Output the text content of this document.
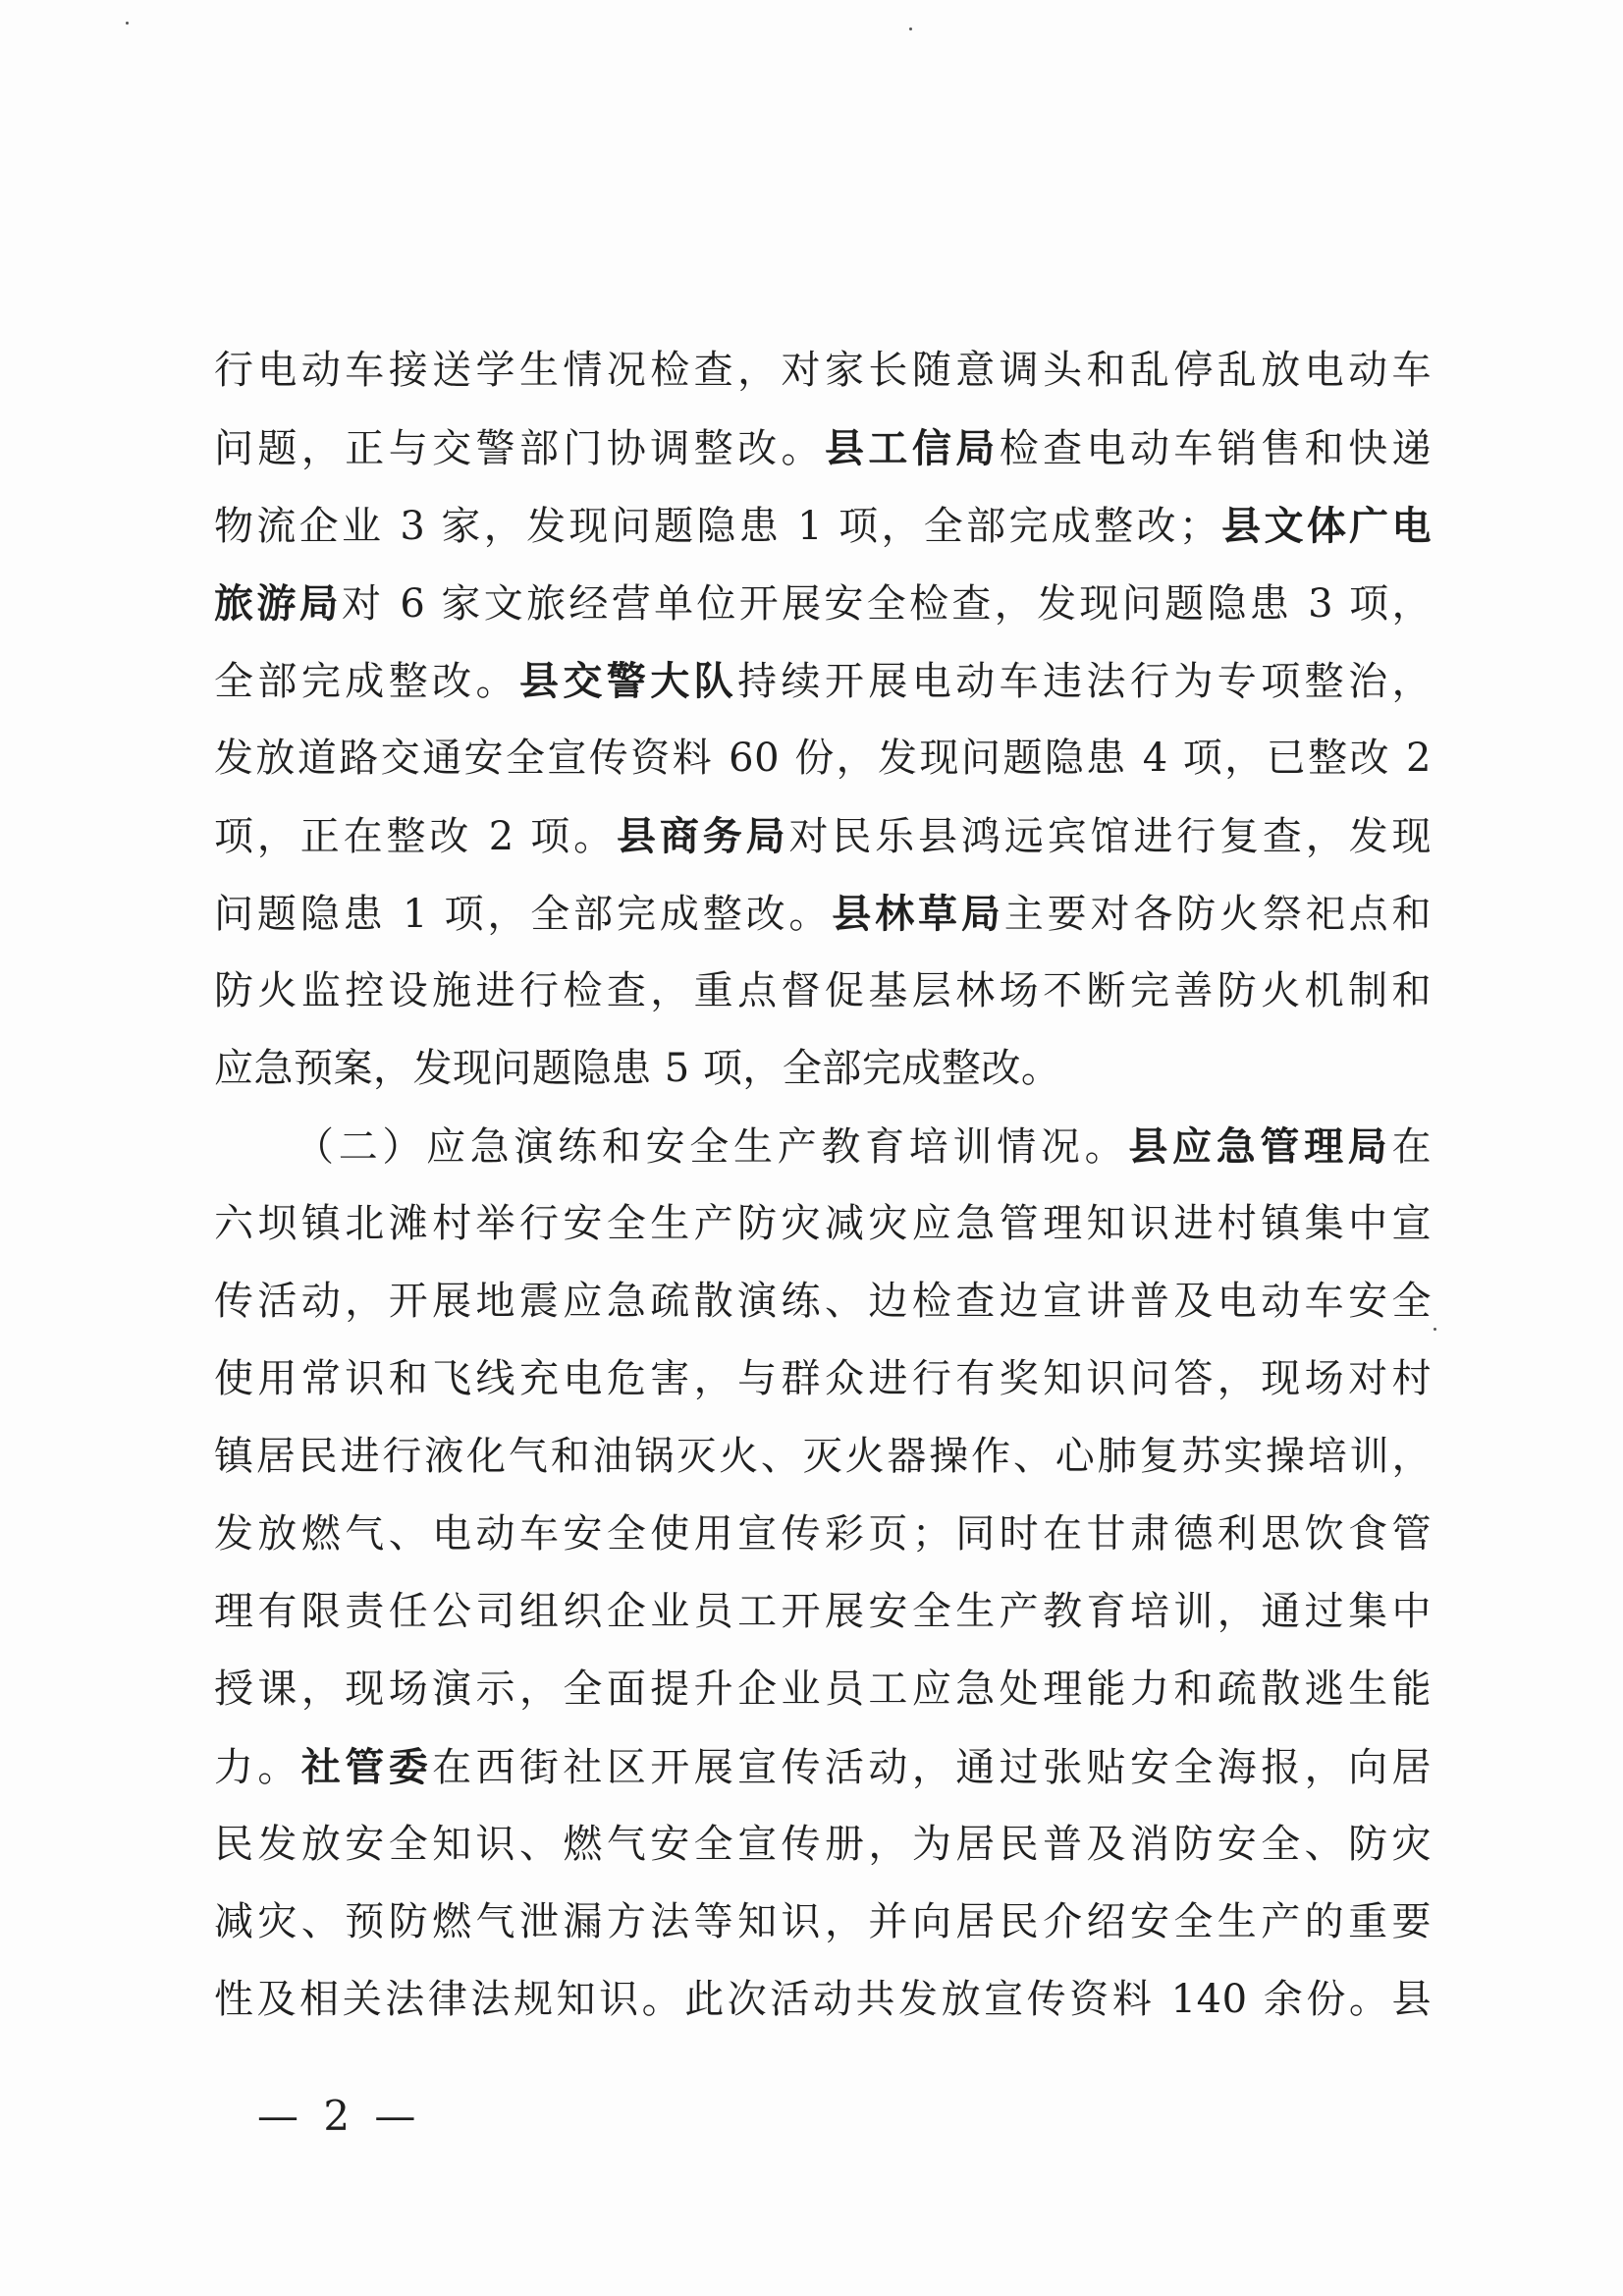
行电动车接送学生情况检查，对家长随意调头和乱停乱放电动车
问题，正与交警部门协调整改。县工信局检查电动车销售和快递
物流企业 3 家，发现问题隐患 1 项，全部完成整改；县文体广电
旅游局对 6 家文旅经营单位开展安全检查，发现问题隐患 3 项，
全部完成整改。县交警大队持续开展电动车违法行为专项整治，
发放道路交通安全宣传资料 60 份，发现问题隐患 4 项，已整改 2
项，正在整改 2 项。县商务局对民乐县鸿远宾馆进行复查，发现
问题隐患 1 项，全部完成整改。县林草局主要对各防火祭祀点和
防火监控设施进行检查，重点督促基层林场不断完善防火机制和
应急预案，发现问题隐患 5 项，全部完成整改。
（二）应急演练和安全生产教育培训情况。县应急管理局在
六坝镇北滩村举行安全生产防灾减灾应急管理知识进村镇集中宣
传活动，开展地震应急疏散演练、边检查边宣讲普及电动车安全
使用常识和飞线充电危害，与群众进行有奖知识问答，现场对村
镇居民进行液化气和油锅灭火、灭火器操作、心肺复苏实操培训，
发放燃气、电动车安全使用宣传彩页；同时在甘肃德利思饮食管
理有限责任公司组织企业员工开展安全生产教育培训，通过集中
授课，现场演示，全面提升企业员工应急处理能力和疏散逃生能
力。社管委在西街社区开展宣传活动，通过张贴安全海报，向居
民发放安全知识、燃气安全宣传册，为居民普及消防安全、防灾
减灾、预防燃气泄漏方法等知识，并向居民介绍安全生产的重要
性及相关法律法规知识。此次活动共发放宣传资料 140 余份。县
— 2 —
